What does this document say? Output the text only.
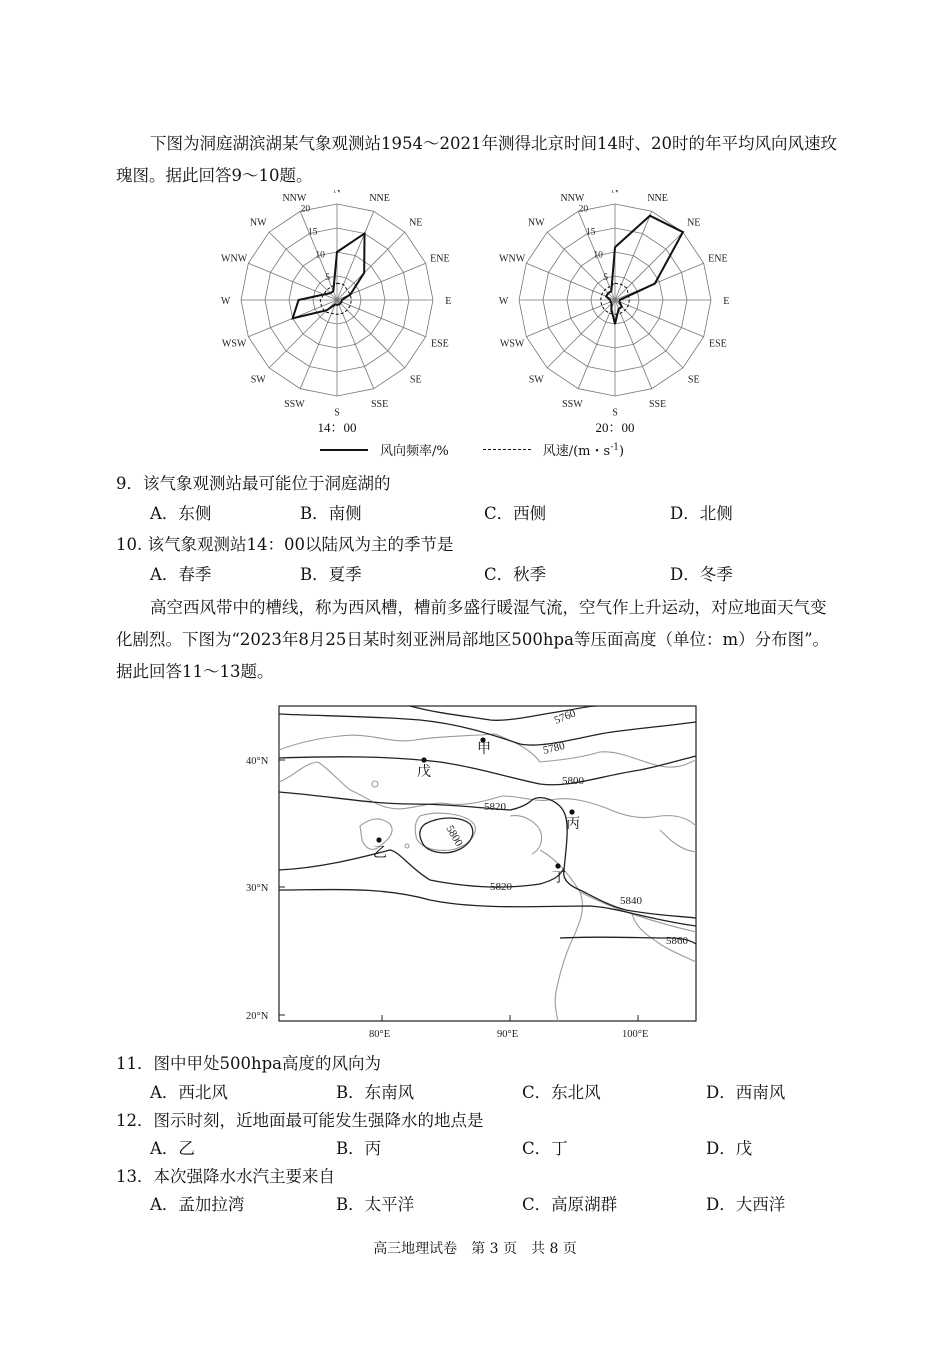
下图为洞庭湖滨湖某气象观测站1954～2021年测得北京时间14时、20时的年平均风向风速玫瑰图。据此回答9～10题。

N
NNE
NE
ENE
E
ESE
SE
SSE
S
SSW
SW
WSW
W
WNW
NW
NNW
5
10
15
20
14：00
N
NNE
NE
ENE
E
ESE
SE
SSE
S
SSW
SW
WSW
W
WNW
NW
NNW
5
10
15
20
20：00
风向频率/%	风速/(m・$s^{-1}$)
9．该气象观测站最可能位于洞庭湖的
A．东侧	B．南侧	C．西侧	D．北侧
10. 该气象观测站14：00以陆风为主的季节是
A．春季	B．夏季	C．秋季	D．冬季

高空西风带中的槽线，称为西风槽，槽前多盛行暖湿气流，空气作上升运动，对应地面天气变化剧烈。下图为“2023年8月25日某时刻亚洲局部地区500hpa等压面高度（单位：m）分布图”。据此回答11～13题。

5760
5780
5800
5820
5800
5820
5840
5860
甲
乙
丙
丁
戊
40°N
30°N
20°N
80°E	90°E	100°E
11．图中甲处500hpa高度的风向为
A．西北风	B．东南风	C．东北风	D．西南风
12．图示时刻，近地面最可能发生强降水的地点是
A．乙	B．丙	C．丁	D．戊
13．本次强降水水汽主要来自
A．孟加拉湾	B．太平洋	C．高原湖群	D．大西洋
高三地理试卷　第 3 页　共 8 页
